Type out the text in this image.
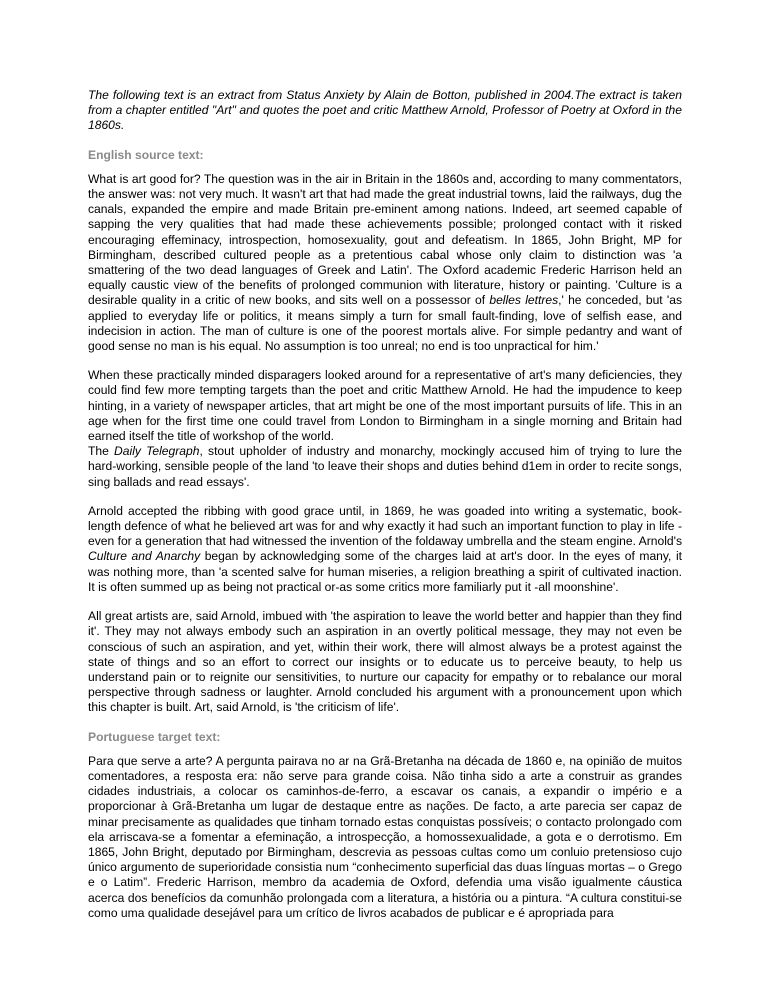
The following text is an extract from Status Anxiety by Alain de Botton, published in 2004.The extract is taken from a chapter entitled "Art" and quotes the poet and critic Matthew Arnold, Professor of Poetry at Oxford in the 1860s.

English source text:

What is art good for? The question was in the air in Britain in the 1860s and, according to many commentators, the answer was: not very much. It wasn't art that had made the great industrial towns, laid the railways, dug the canals, expanded the empire and made Britain pre-eminent among nations. Indeed, art seemed capable of sapping the very qualities that had made these achievements possible; prolonged contact with it risked encouraging effeminacy, introspection, homosexuality, gout and defeatism. In 1865, John Bright, MP for Birmingham, described cultured people as a pretentious cabal whose only claim to distinction was 'a smattering of the two dead languages of Greek and Latin'. The Oxford academic Frederic Harrison held an equally caustic view of the benefits of prolonged communion with literature, history or painting. 'Culture is a desirable quality in a critic of new books, and sits well on a possessor of belles lettres,' he conceded, but 'as applied to everyday life or politics, it means simply a turn for small fault-finding, love of selfish ease, and indecision in action. The man of culture is one of the poorest mortals alive. For simple pedantry and want of good sense no man is his equal. No assumption is too unreal; no end is too unpractical for him.'

When these practically minded disparagers looked around for a representative of art's many deficiencies, they could find few more tempting targets than the poet and critic Matthew Arnold. He had the impudence to keep hinting, in a variety of newspaper articles, that art might be one of the most important pursuits of life. This in an age when for the first time one could travel from London to Birmingham in a single morning and Britain had earned itself the title of workshop of the world.

The Daily Telegraph, stout upholder of industry and monarchy, mockingly accused him of trying to lure the hard-working, sensible people of the land 'to leave their shops and duties behind d1em in order to recite songs, sing ballads and read essays'.

Arnold accepted the ribbing with good grace until, in 1869, he was goaded into writing a systematic, book-length defence of what he believed art was for and why exactly it had such an important function to play in life - even for a generation that had witnessed the invention of the foldaway umbrella and the steam engine. Arnold's Culture and Anarchy began by acknowledging some of the charges laid at art's door. In the eyes of many, it was nothing more, than 'a scented salve for human miseries, a religion breathing a spirit of cultivated inaction. It is often summed up as being not practical or-as some critics more familiarly put it -all moonshine'.

All great artists are, said Arnold, imbued with 'the aspiration to leave the world better and happier than they find it'. They may not always embody such an aspiration in an overtly political message, they may not even be conscious of such an aspiration, and yet, within their work, there will almost always be a protest against the state of things and so an effort to correct our insights or to educate us to perceive beauty, to help us understand pain or to reignite our sensitivities, to nurture our capacity for empathy or to rebalance our moral perspective through sadness or laughter. Arnold concluded his argument with a pronouncement upon which this chapter is built. Art, said Arnold, is 'the criticism of life'.

Portuguese target text:

Para que serve a arte? A pergunta pairava no ar na Grã-Bretanha na década de 1860 e, na opinião de muitos comentadores, a resposta era: não serve para grande coisa. Não tinha sido a arte a construir as grandes cidades industriais, a colocar os caminhos-de-ferro, a escavar os canais, a expandir o império e a proporcionar à Grã-Bretanha um lugar de destaque entre as nações. De facto, a arte parecia ser capaz de minar precisamente as qualidades que tinham tornado estas conquistas possíveis; o contacto prolongado com ela arriscava-se a fomentar a efeminação, a introspecção, a homossexualidade, a gota e o derrotismo. Em 1865, John Bright, deputado por Birmingham, descrevia as pessoas cultas como um conluio pretensioso cujo único argumento de superioridade consistia num “conhecimento superficial das duas línguas mortas – o Grego e o Latim”. Frederic Harrison, membro da academia de Oxford, defendia uma visão igualmente cáustica acerca dos benefícios da comunhão prolongada com a literatura, a história ou a pintura. “A cultura constitui-se como uma qualidade desejável para um crítico de livros acabados de publicar e é apropriada para
